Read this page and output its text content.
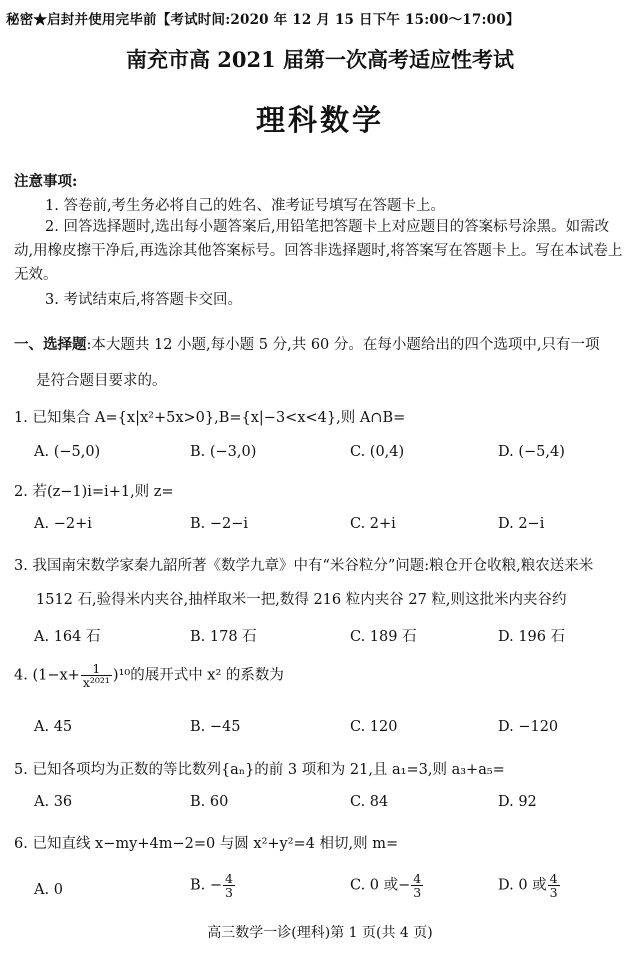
秘密★启封并使用完毕前【考试时间:2020 年 12 月 15 日下午 15:00～17:00】
南充市高 2021 届第一次高考适应性考试
理科数学
注意事项:
1. 答卷前,考生务必将自己的姓名、准考证号填写在答题卡上。
2. 回答选择题时,选出每小题答案后,用铅笔把答题卡上对应题目的答案标号涂黑。如需改动,用橡皮擦干净后,再选涂其他答案标号。回答非选择题时,将答案写在答题卡上。写在本试卷上无效。
3. 考试结束后,将答题卡交回。
一、选择题:本大题共 12 小题,每小题 5 分,共 60 分。在每小题给出的四个选项中,只有一项
是符合题目要求的。
1. 已知集合 A={x|x²+5x>0},B={x|−3<x<4},则 A∩B=
A. (−5,0)	B. (−3,0)	C. (0,4)	D. (−5,4)
2. 若(z−1)i=i+1,则 z=
A. −2+i	B. −2−i	C. 2+i	D. 2−i
3. 我国南宋数学家秦九韶所著《数学九章》中有“米谷粒分”问题:粮仓开仓收粮,粮农送来米
1512 石,验得米内夹谷,抽样取米一把,数得 216 粒内夹谷 27 粒,则这批米内夹谷约
A. 164 石	B. 178 石	C. 189 石	D. 196 石
4. $(1-x+ \frac{1}{\text{x²⁰²¹}} )^{10}$的展开式中 x² 的系数为
A. 45	B. −45	C. 120	D. −120
5. 已知各项均为正数的等比数列{aₙ}的前 3 项和为 21,且 a₁=3,则 a₃+a₅=
A. 36	B. 60	C. 84	D. 92
6. 已知直线 x−my+4m−2=0 与圆 x²+y²=4 相切,则 m=
A. 0	B. − $\frac{4}{3}$	C. 0 或− $\frac{4}{3}$	D. 0 或 $\frac{4}{3}$
高三数学一诊(理科)第 1 页(共 4 页)
